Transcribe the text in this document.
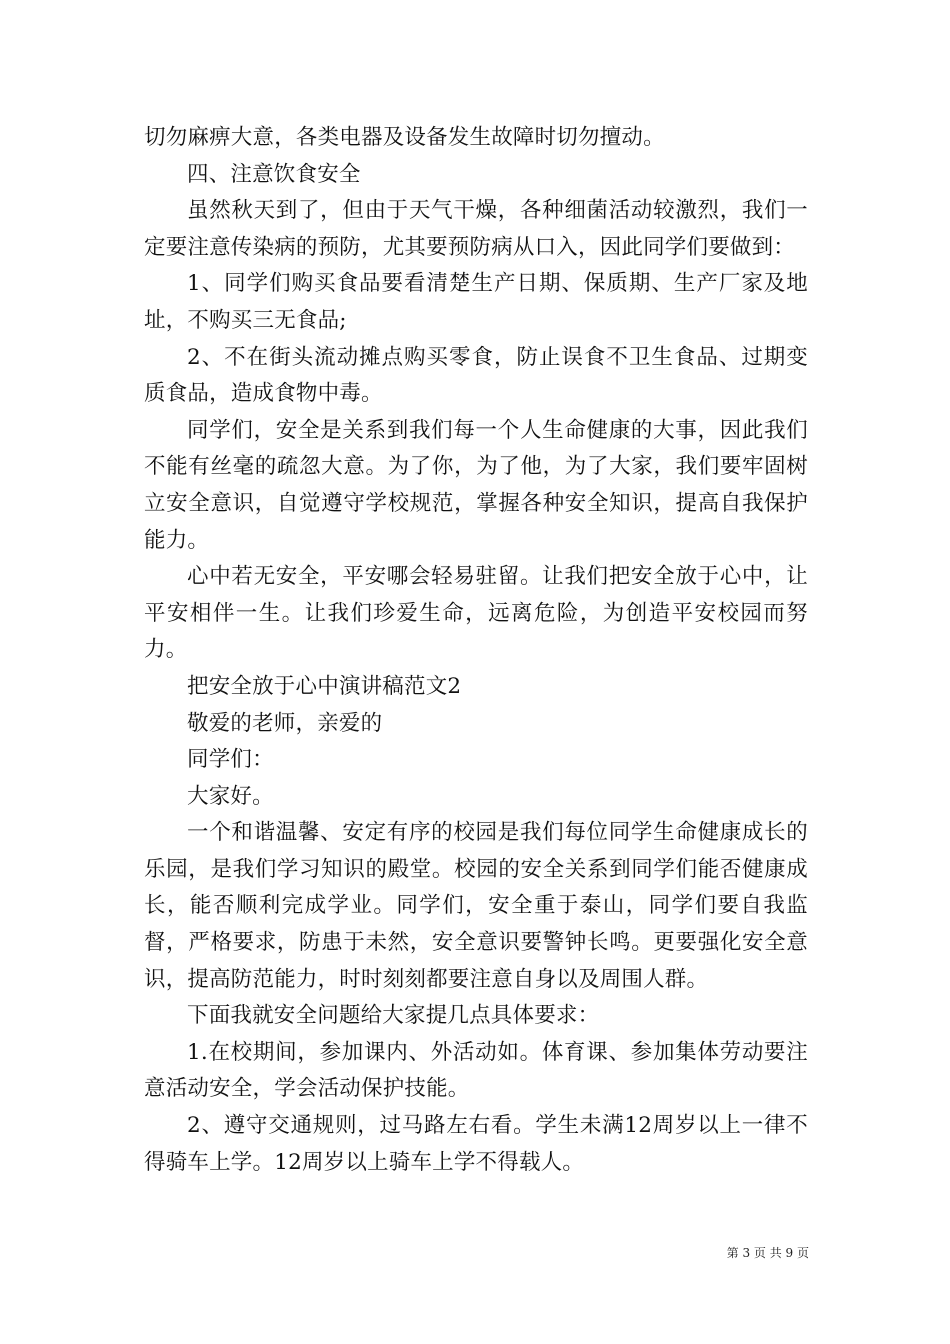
切勿麻痹大意，各类电器及设备发生故障时切勿擅动。

四、注意饮食安全

虽然秋天到了，但由于天气干燥，各种细菌活动较激烈，我们一定要注意传染病的预防，尤其要预防病从口入，因此同学们要做到：

1、同学们购买食品要看清楚生产日期、保质期、生产厂家及地址，不购买三无食品;

2、不在街头流动摊点购买零食，防止误食不卫生食品、过期变质食品，造成食物中毒。

同学们，安全是关系到我们每一个人生命健康的大事，因此我们不能有丝毫的疏忽大意。为了你，为了他，为了大家，我们要牢固树立安全意识，自觉遵守学校规范，掌握各种安全知识，提高自我保护能力。

心中若无安全，平安哪会轻易驻留。让我们把安全放于心中，让平安相伴一生。让我们珍爱生命，远离危险，为创造平安校园而努力。

把安全放于心中演讲稿范文2

敬爱的老师，亲爱的

同学们：

大家好。

一个和谐温馨、安定有序的校园是我们每位同学生命健康成长的乐园，是我们学习知识的殿堂。校园的安全关系到同学们能否健康成长，能否顺利完成学业。同学们，安全重于泰山，同学们要自我监督，严格要求，防患于未然，安全意识要警钟长鸣。更要强化安全意识，提高防范能力，时时刻刻都要注意自身以及周围人群。

下面我就安全问题给大家提几点具体要求：

1.在校期间，参加课内、外活动如。体育课、参加集体劳动要注意活动安全，学会活动保护技能。

2、遵守交通规则，过马路左右看。学生未满12周岁以上一律不得骑车上学。12周岁以上骑车上学不得载人。

第 3 页 共 9 页
